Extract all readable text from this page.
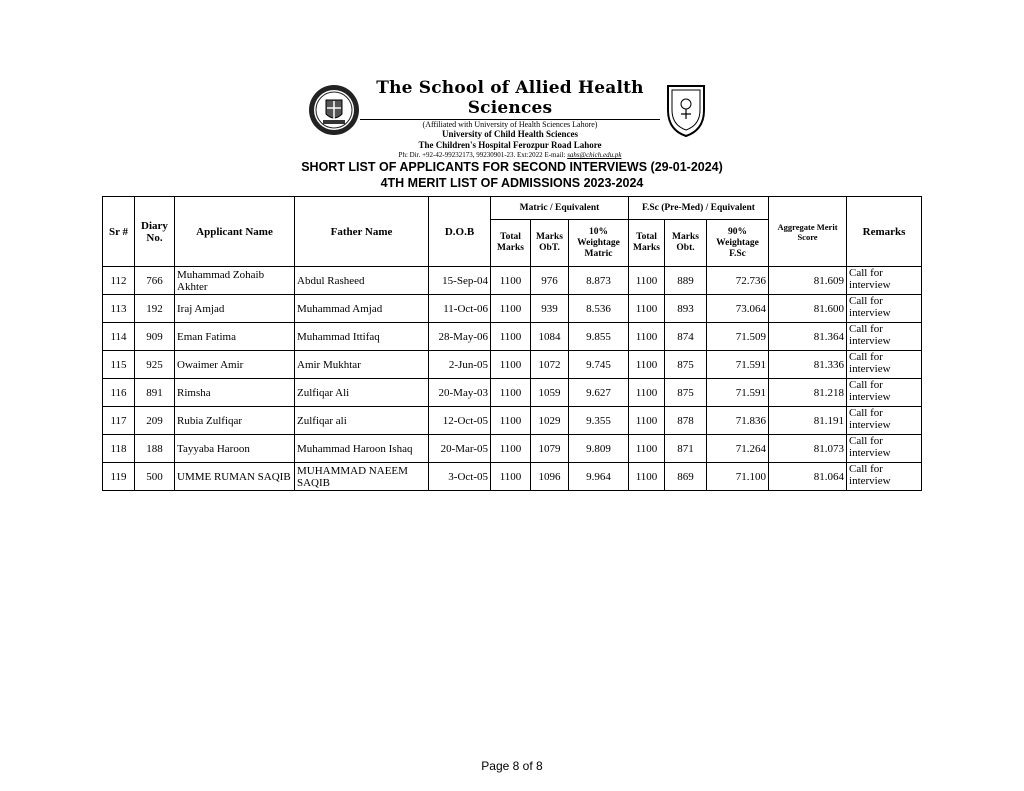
The School of Allied Health Sciences
(Affiliated with University of Health Sciences Lahore)
University of Child Health Sciences
The Children's Hospital Ferozpur Road Lahore
Ph: Dir. +92-42-99232173, 99230901-23. Ext:2022 E-mail: sahs@chich.edu.pk
SHORT LIST OF APPLICANTS FOR SECOND INTERVIEWS (29-01-2024)
4TH MERIT LIST OF ADMISSIONS 2023-2024
Sr #	Diary No.	Applicant Name	Father Name	D.O.B	Matric / Equivalent			F.Sc (Pre-Med) / Equivalent			Aggregate Merit Score	Remarks
					Total Marks	Marks ObT.	10% Weightage Matric	Total Marks	Marks Obt.	90% Weightage F.Sc		
112	766	Muhammad Zohaib Akhter	Abdul Rasheed	15-Sep-04	1100	976	8.873	1100	889	72.736	81.609	Call for interview
113	192	Iraj Amjad	Muhammad Amjad	11-Oct-06	1100	939	8.536	1100	893	73.064	81.600	Call for interview
114	909	Eman Fatima	Muhammad Ittifaq	28-May-06	1100	1084	9.855	1100	874	71.509	81.364	Call for interview
115	925	Owaimer Amir	Amir Mukhtar	2-Jun-05	1100	1072	9.745	1100	875	71.591	81.336	Call for interview
116	891	Rimsha	Zulfiqar Ali	20-May-03	1100	1059	9.627	1100	875	71.591	81.218	Call for interview
117	209	Rubia Zulfiqar	Zulfiqar ali	12-Oct-05	1100	1029	9.355	1100	878	71.836	81.191	Call for interview
118	188	Tayyaba Haroon	Muhammad Haroon Ishaq	20-Mar-05	1100	1079	9.809	1100	871	71.264	81.073	Call for interview
119	500	UMME RUMAN SAQIB	MUHAMMAD NAEEM SAQIB	3-Oct-05	1100	1096	9.964	1100	869	71.100	81.064	Call for interview
Page 8 of 8
